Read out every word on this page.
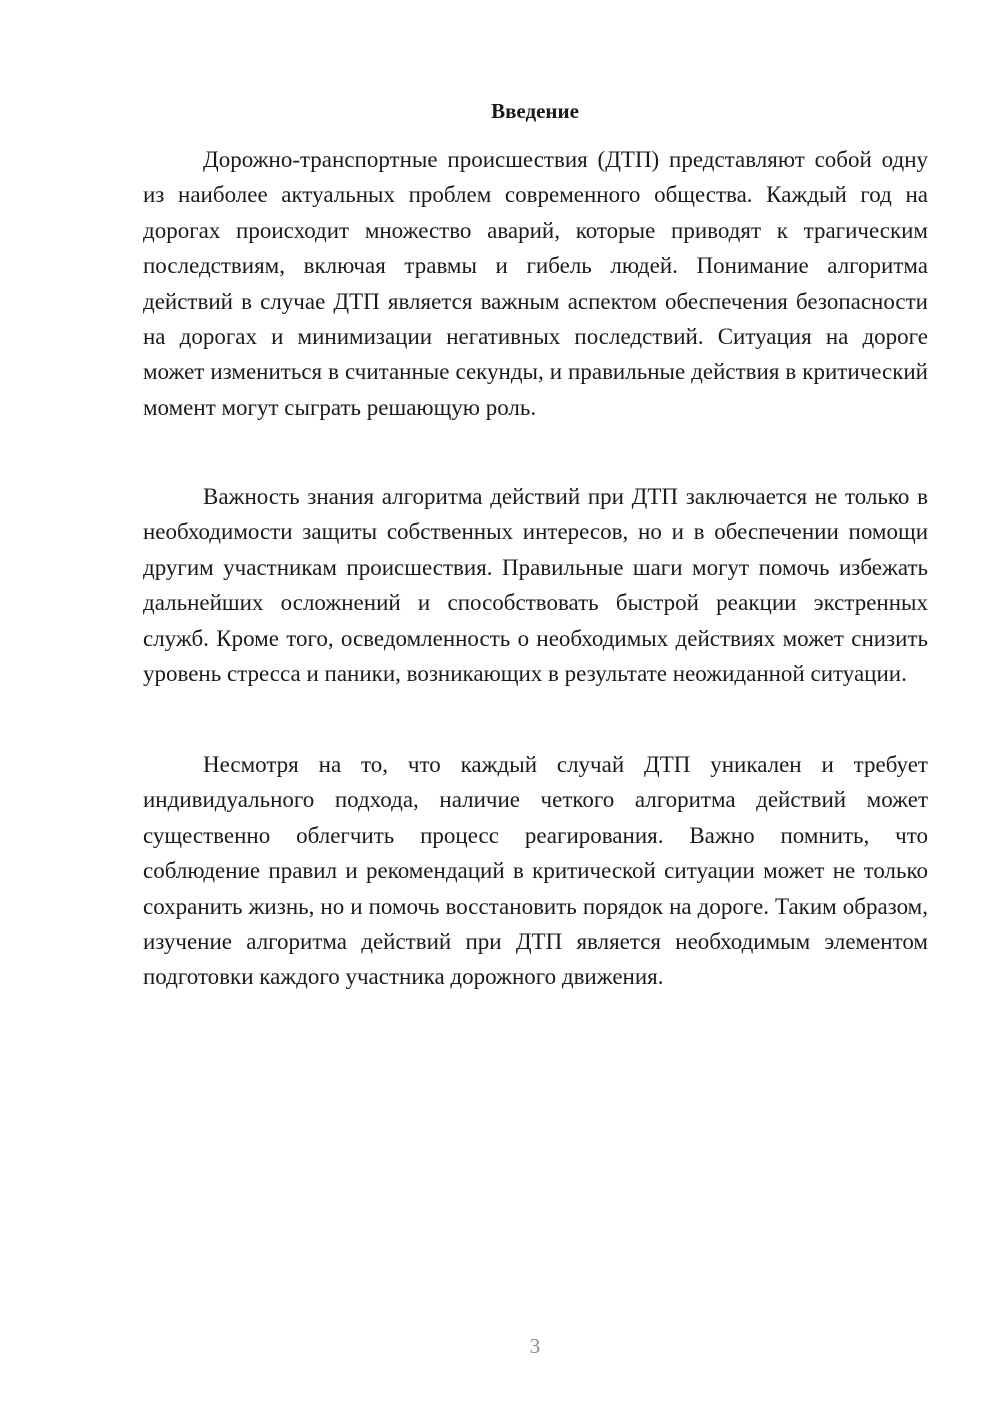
Введение

Дорожно-транспортные происшествия (ДТП) представляют собой одну из наиболее актуальных проблем современного общества. Каждый год на дорогах происходит множество аварий, которые приводят к трагическим последствиям, включая травмы и гибель людей. Понимание алгоритма действий в случае ДТП является важным аспектом обеспечения безопасности на дорогах и минимизации негативных последствий. Ситуация на дороге может измениться в считанные секунды, и правильные действия в критический момент могут сыграть решающую роль.

Важность знания алгоритма действий при ДТП заключается не только в необходимости защиты собственных интересов, но и в обеспечении помощи другим участникам происшествия. Правильные шаги могут помочь избежать дальнейших осложнений и способствовать быстрой реакции экстренных служб. Кроме того, осведомленность о необходимых действиях может снизить уровень стресса и паники, возникающих в результате неожиданной ситуации.

Несмотря на то, что каждый случай ДТП уникален и требует индивидуального подхода, наличие четкого алгоритма действий может существенно облегчить процесс реагирования. Важно помнить, что соблюдение правил и рекомендаций в критической ситуации может не только сохранить жизнь, но и помочь восстановить порядок на дороге. Таким образом, изучение алгоритма действий при ДТП является необходимым элементом подготовки каждого участника дорожного движения.

3
